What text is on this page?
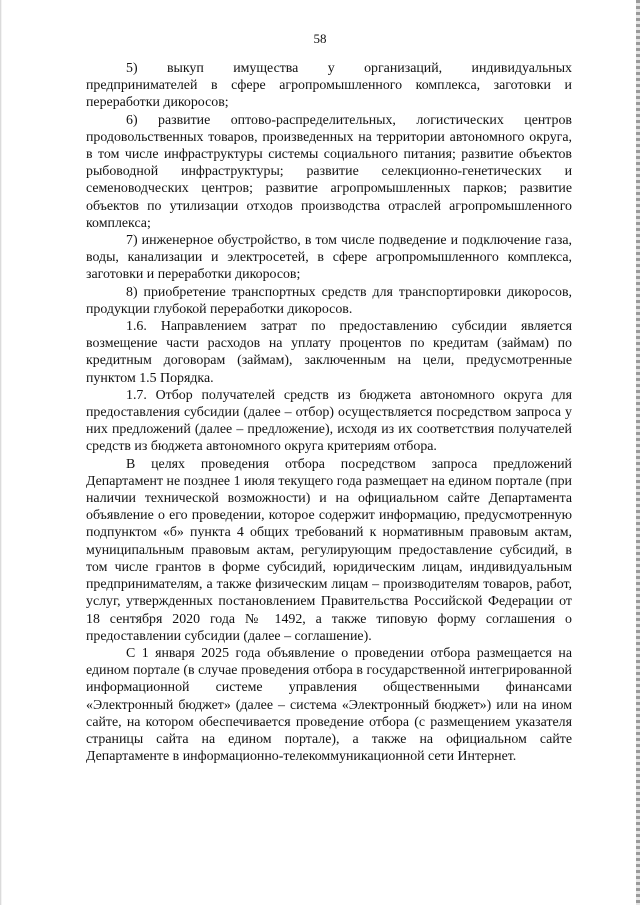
58

5)    выкуп    имущества    у    организаций,    индивидуальных предпринимателей в сфере агропромышленного комплекса, заготовки и переработки дикоросов;

6) развитие оптово-распределительных, логистических центров продовольственных товаров, произведенных на территории автономного округа, в том числе инфраструктуры системы социального питания; развитие объектов рыбоводной инфраструктуры; развитие селекционно-генетических и семеноводческих центров; развитие агропромышленных парков; развитие объектов по утилизации отходов производства отраслей агропромышленного комплекса;

7) инженерное обустройство, в том числе подведение и подключение газа, воды, канализации и электросетей, в сфере агропромышленного комплекса, заготовки и переработки дикоросов;

8) приобретение транспортных средств для транспортировки дикоросов, продукции глубокой переработки дикоросов.

1.6. Направлением затрат по предоставлению субсидии является возмещение части расходов на уплату процентов по кредитам (займам) по кредитным договорам (займам), заключенным на цели, предусмотренные пунктом 1.5 Порядка.

1.7. Отбор получателей средств из бюджета автономного округа для предоставления субсидии (далее – отбор) осуществляется посредством запроса у них предложений (далее – предложение), исходя из их соответствия получателей средств из бюджета автономного округа критериям отбора.

В целях проведения отбора посредством запроса предложений Департамент не позднее 1 июля текущего года размещает на едином портале (при наличии технической возможности) и на официальном сайте Департамента объявление о его проведении, которое содержит информацию, предусмотренную подпунктом «б» пункта 4 общих требований к нормативным правовым актам, муниципальным правовым актам, регулирующим предоставление субсидий, в том числе грантов в форме субсидий, юридическим лицам, индивидуальным предпринимателям, а также физическим лицам – производителям товаров, работ, услуг, утвержденных постановлением Правительства Российской Федерации от 18 сентября 2020 года № 1492, а также типовую форму соглашения о предоставлении субсидии (далее – соглашение).

С 1 января 2025 года объявление о проведении отбора размещается на едином портале (в случае проведения отбора в государственной интегрированной информационной системе управления общественными финансами «Электронный бюджет» (далее – система «Электронный бюджет») или на ином сайте, на котором обеспечивается проведение отбора (с размещением указателя страницы сайта на едином портале), а также на официальном сайте Департаменте в информационно-телекоммуникационной сети Интернет.
